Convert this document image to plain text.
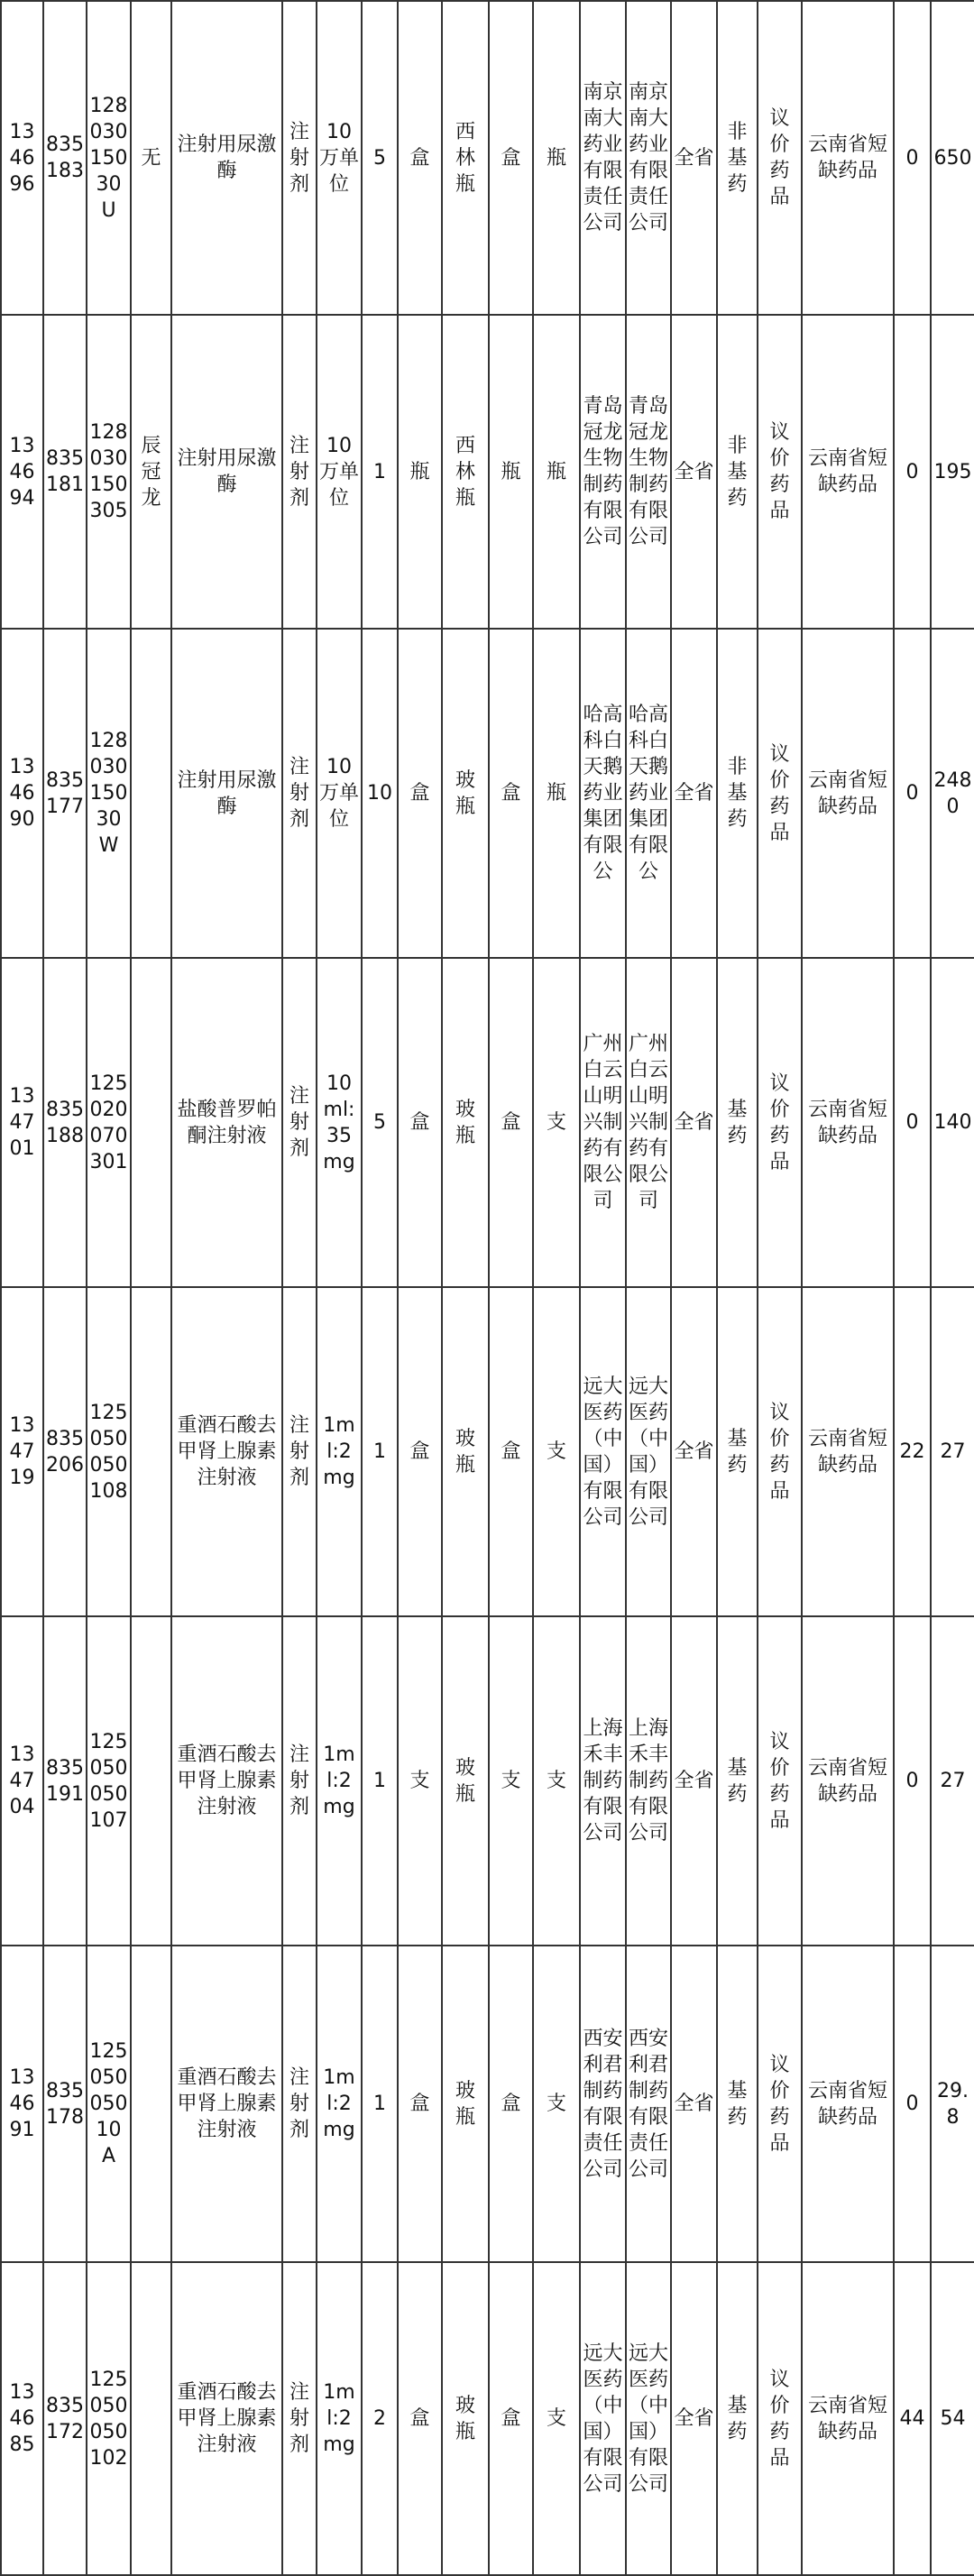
134696	835183	12803015030U	无	注射用尿激酶	注射剂	10万单位	5	盒	西林瓶	盒	瓶	南京南大药业有限责任公司	南京南大药业有限责任公司	全省	非基药	议价药品	云南省短缺药品	0	650
134694	835181	128030150305	辰冠龙	注射用尿激酶	注射剂	10万单位	1	瓶	西林瓶	瓶	瓶	青岛冠龙生物制药有限公司	青岛冠龙生物制药有限公司	全省	非基药	议价药品	云南省短缺药品	0	195
134690	835177	12803015030W		注射用尿激酶	注射剂	10万单位	10	盒	玻瓶	盒	瓶	哈高科白天鹅药业集团有限公	哈高科白天鹅药业集团有限公	全省	非基药	议价药品	云南省短缺药品	0	2480
134701	835188	125020070301		盐酸普罗帕酮注射液	注射剂	10ml:35mg	5	盒	玻瓶	盒	支	广州白云山明兴制药有限公司	广州白云山明兴制药有限公司	全省	基药	议价药品	云南省短缺药品	0	140
134719	835206	125050050108		重酒石酸去甲肾上腺素注射液	注射剂	1ml:2mg	1	盒	玻瓶	盒	支	远大医药（中国）有限公司	远大医药（中国）有限公司	全省	基药	议价药品	云南省短缺药品	22	27
134704	835191	125050050107		重酒石酸去甲肾上腺素注射液	注射剂	1ml:2mg	1	支	玻瓶	支	支	上海禾丰制药有限公司	上海禾丰制药有限公司	全省	基药	议价药品	云南省短缺药品	0	27
134691	835178	12505005010A		重酒石酸去甲肾上腺素注射液	注射剂	1ml:2mg	1	盒	玻瓶	盒	支	西安利君制药有限责任公司	西安利君制药有限责任公司	全省	基药	议价药品	云南省短缺药品	0	29.8
134685	835172	125050050102		重酒石酸去甲肾上腺素注射液	注射剂	1ml:2mg	2	盒	玻瓶	盒	支	远大医药（中国）有限公司	远大医药（中国）有限公司	全省	基药	议价药品	云南省短缺药品	44	54
